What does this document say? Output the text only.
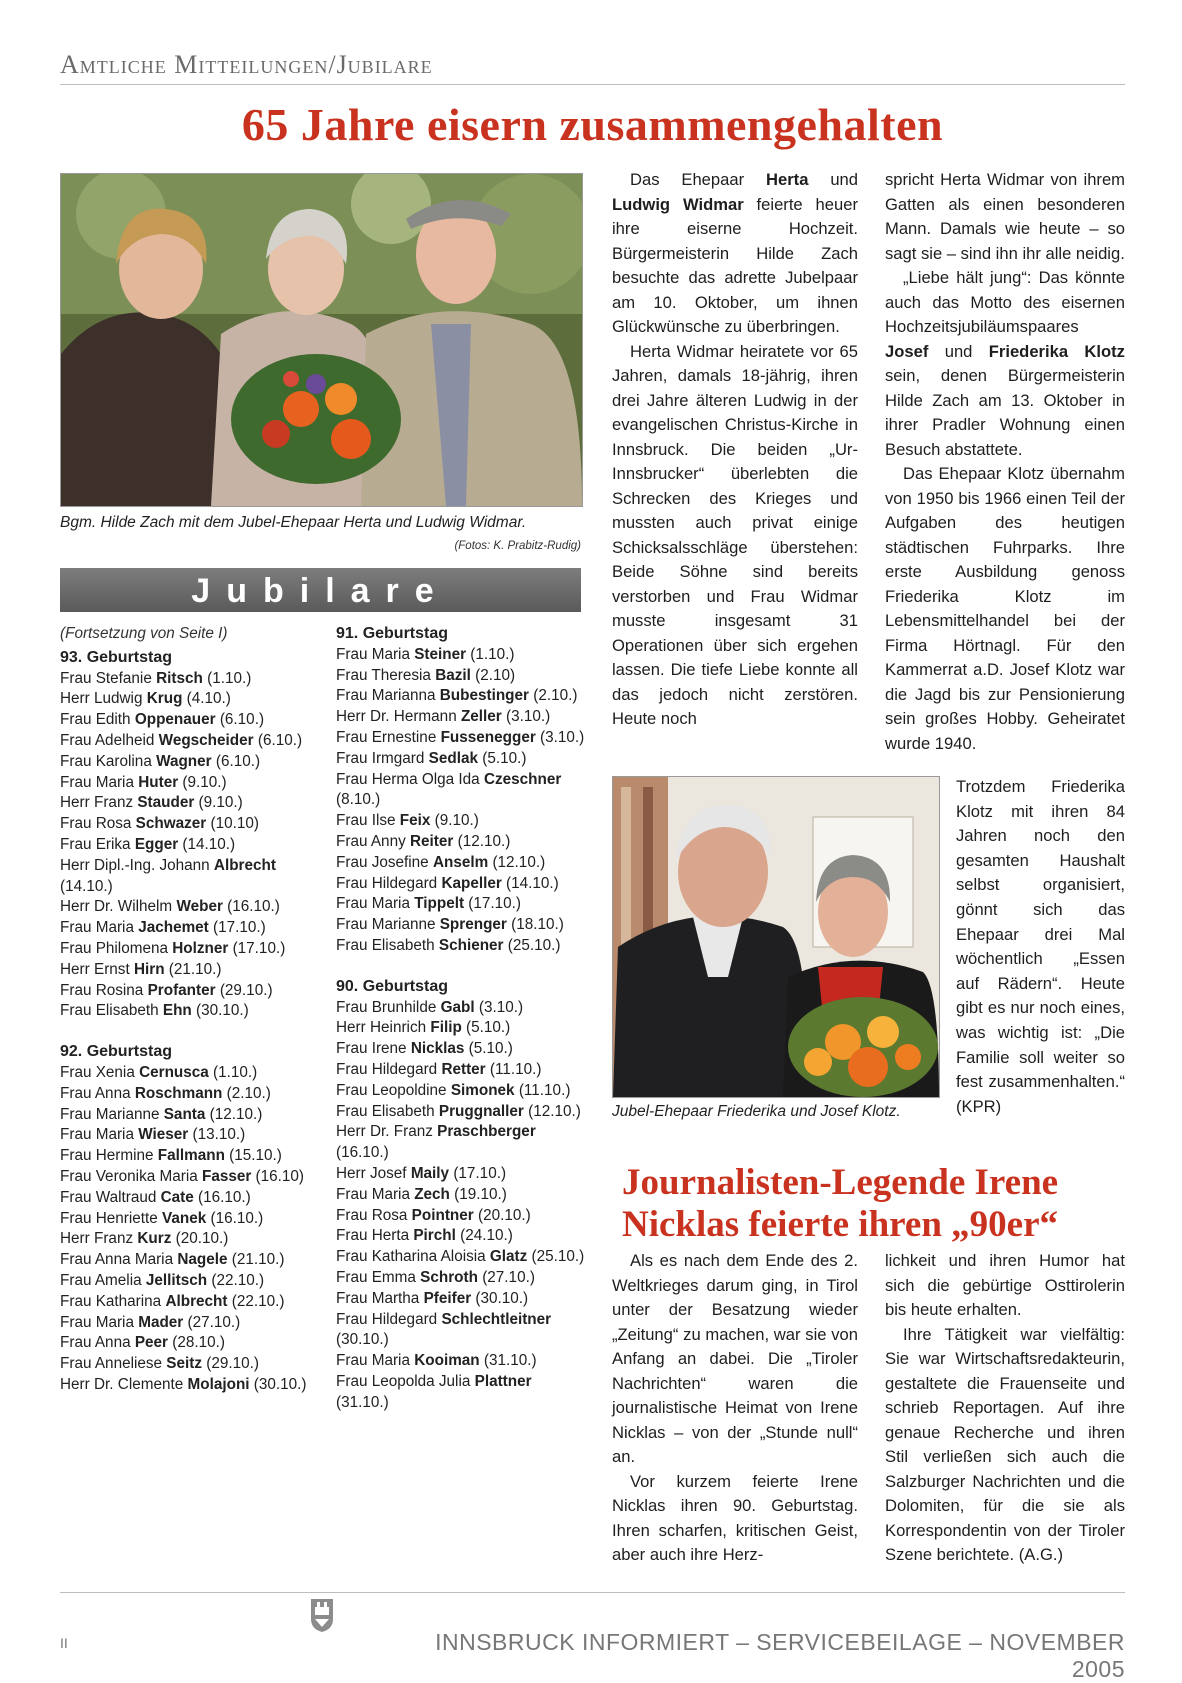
Amtliche Mitteilungen/Jubilare
65 Jahre eisern zusammengehalten
Bgm. Hilde Zach mit dem Jubel-Ehepaar Herta und Ludwig Widmar.
(Fotos: K. Prabitz-Rudig)
Jubilare
(Fortsetzung von Seite I)
93. Geburtstag
Frau Stefanie Ritsch (1.10.)
Herr Ludwig Krug (4.10.)
Frau Edith Oppenauer (6.10.)
Frau Adelheid Wegscheider (6.10.)
Frau Karolina Wagner (6.10.)
Frau Maria Huter (9.10.)
Herr Franz Stauder (9.10.)
Frau Rosa Schwazer (10.10)
Frau Erika Egger (14.10.)
Herr Dipl.-Ing. Johann Albrecht (14.10.)
Herr Dr. Wilhelm Weber (16.10.)
Frau Maria Jachemet (17.10.)
Frau Philomena Holzner (17.10.)
Herr Ernst Hirn (21.10.)
Frau Rosina Profanter (29.10.)
Frau Elisabeth Ehn (30.10.)
92. Geburtstag
Frau Xenia Cernusca (1.10.)
Frau Anna Roschmann (2.10.)
Frau Marianne Santa (12.10.)
Frau Maria Wieser (13.10.)
Frau Hermine Fallmann (15.10.)
Frau Veronika Maria Fasser (16.10)
Frau Waltraud Cate (16.10.)
Frau Henriette Vanek (16.10.)
Herr Franz Kurz (20.10.)
Frau Anna Maria Nagele (21.10.)
Frau Amelia Jellitsch (22.10.)
Frau Katharina Albrecht (22.10.)
Frau Maria Mader (27.10.)
Frau Anna Peer (28.10.)
Frau Anneliese Seitz (29.10.)
Herr Dr. Clemente Molajoni (30.10.)
91. Geburtstag
Frau Maria Steiner (1.10.)
Frau Theresia Bazil (2.10)
Frau Marianna Bubestinger (2.10.)
Herr Dr. Hermann Zeller (3.10.)
Frau Ernestine Fussenegger (3.10.)
Frau Irmgard Sedlak (5.10.)
Frau Herma Olga Ida Czeschner (8.10.)
Frau Ilse Feix (9.10.)
Frau Anny Reiter (12.10.)
Frau Josefine Anselm (12.10.)
Frau Hildegard Kapeller (14.10.)
Frau Maria Tippelt (17.10.)
Frau Marianne Sprenger (18.10.)
Frau Elisabeth Schiener (25.10.)
90. Geburtstag
Frau Brunhilde Gabl (3.10.)
Herr Heinrich Filip (5.10.)
Frau Irene Nicklas (5.10.)
Frau Hildegard Retter (11.10.)
Frau Leopoldine Simonek (11.10.)
Frau Elisabeth Pruggnaller (12.10.)
Herr Dr. Franz Praschberger (16.10.)
Herr Josef Maily (17.10.)
Frau Maria Zech (19.10.)
Frau Rosa Pointner (20.10.)
Frau Herta Pirchl (24.10.)
Frau Katharina Aloisia Glatz (25.10.)
Frau Emma Schroth (27.10.)
Frau Martha Pfeifer (30.10.)
Frau Hildegard Schlechtleitner (30.10.)
Frau Maria Kooiman (31.10.)
Frau Leopolda Julia Plattner (31.10.)

Das Ehepaar Herta und Ludwig Widmar feierte heuer ihre eiserne Hochzeit. Bürgermeisterin Hilde Zach besuchte das adrette Jubelpaar am 10. Oktober, um ihnen Glückwünsche zu überbringen.

Herta Widmar heiratete vor 65 Jahren, damals 18-jährig, ihren drei Jahre älteren Ludwig in der evangelischen Christus-Kirche in Innsbruck. Die beiden „Ur-Innsbrucker“ überlebten die Schrecken des Krieges und mussten auch privat einige Schicksalsschläge überstehen: Beide Söhne sind bereits verstorben und Frau Widmar musste insgesamt 31 Operationen über sich ergehen lassen. Die tiefe Liebe konnte all das jedoch nicht zerstören. Heute noch

spricht Herta Widmar von ihrem Gatten als einen besonderen Mann. Damals wie heute – so sagt sie – sind ihn ihr alle neidig.

„Liebe hält jung“: Das könnte auch das Motto des eisernen Hochzeitsjubiläumspaares Josef und Friederika Klotz sein, denen Bürgermeisterin Hilde Zach am 13. Oktober in ihrer Pradler Wohnung einen Besuch abstattete.

Das Ehepaar Klotz übernahm von 1950 bis 1966 einen Teil der Aufgaben des heutigen städtischen Fuhrparks. Ihre erste Ausbildung genoss Friederika Klotz im Lebensmittelhandel bei der Firma Hörtnagl. Für den Kammerrat a.D. Josef Klotz war die Jagd bis zur Pensionierung sein großes Hobby. Geheiratet wurde 1940.

Jubel-Ehepaar Friederika und Josef Klotz.

Trotzdem Friederika Klotz mit ihren 84 Jahren noch den gesamten Haushalt selbst organisiert, gönnt sich das Ehepaar drei Mal wöchentlich „Essen auf Rädern“. Heute gibt es nur noch eines, was wichtig ist: „Die Familie soll weiter so fest zusammenhalten.“ (KPR)

Journalisten-Legende Irene
Nicklas feierte ihren „90er“

Als es nach dem Ende des 2. Weltkrieges darum ging, in Tirol unter der Besatzung wieder „Zeitung“ zu machen, war sie von Anfang an dabei. Die „Tiroler Nachrichten“ waren die journalistische Heimat von Irene Nicklas – von der „Stunde null“ an.

Vor kurzem feierte Irene Nicklas ihren 90. Geburtstag. Ihren scharfen, kritischen Geist, aber auch ihre Herz-

lichkeit und ihren Humor hat sich die gebürtige Osttirolerin bis heute erhalten.

Ihre Tätigkeit war vielfältig: Sie war Wirtschaftsredakteurin, gestaltete die Frauenseite und schrieb Reportagen. Auf ihre genaue Recherche und ihren Stil verließen sich auch die Salzburger Nachrichten und die Dolomiten, für die sie als Korrespondentin von der Tiroler Szene berichtete. (A.G.)

II	INNSBRUCK INFORMIERT – SERVICEBEILAGE – NOVEMBER 2005
